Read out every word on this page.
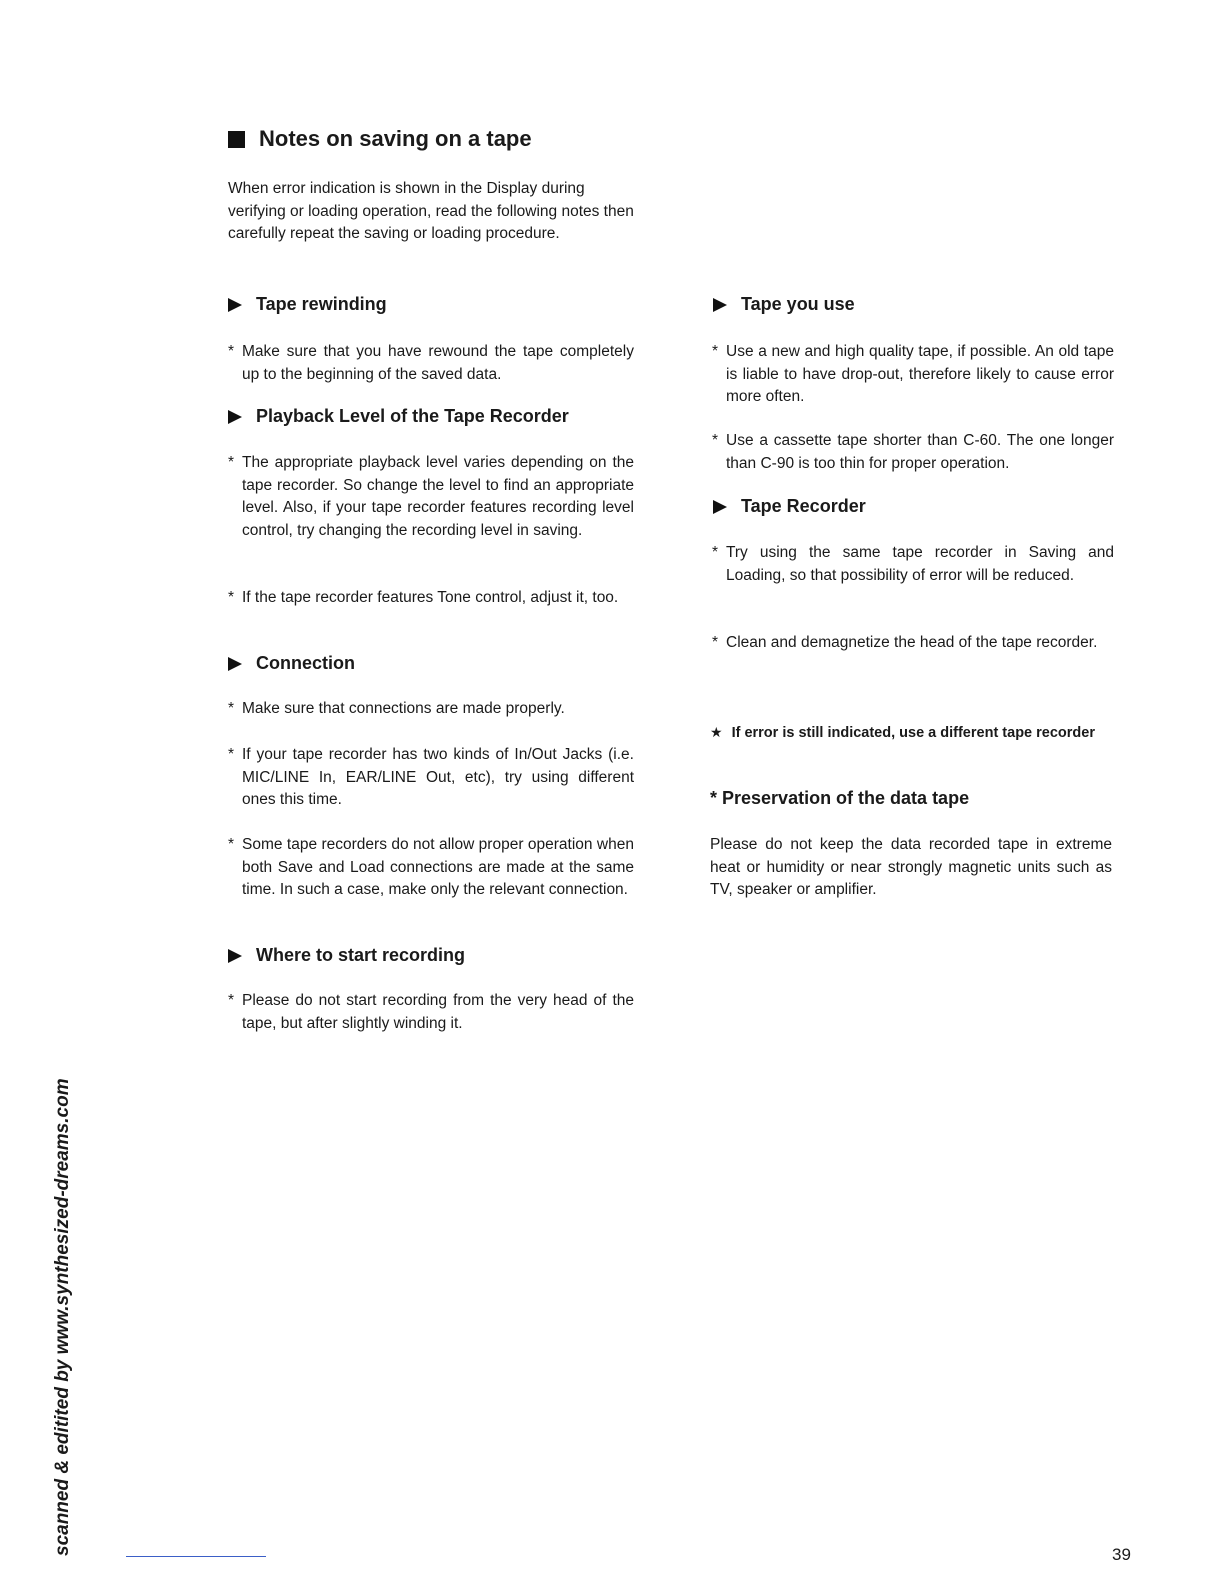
Notes on saving on a tape
When error indication is shown in the Display during verifying or loading operation, read the following notes then carefully repeat the saving or loading procedure.
Tape rewinding
* Make sure that you have rewound the tape completely up to the beginning of the saved data.
Playback Level of the Tape Recorder
* The appropriate playback level varies depending on the tape recorder. So change the level to find an appropriate level. Also, if your tape recorder features recording level control, try changing the recording level in saving.
* If the tape recorder features Tone control, adjust it, too.
Connection
* Make sure that connections are made properly.
* If your tape recorder has two kinds of In/Out Jacks (i.e. MIC/LINE In, EAR/LINE Out, etc), try using different ones this time.
* Some tape recorders do not allow proper operation when both Save and Load connections are made at the same time. In such a case, make only the relevant connection.
Where to start recording
* Please do not start recording from the very head of the tape, but after slightly winding it.
Tape you use
* Use a new and high quality tape, if possible. An old tape is liable to have drop-out, therefore likely to cause error more often.
* Use a cassette tape shorter than C-60. The one longer than C-90 is too thin for proper operation.
Tape Recorder
* Try using the same tape recorder in Saving and Loading, so that possibility of error will be reduced.
* Clean and demagnetize the head of the tape recorder.
★ If error is still indicated, use a different tape recorder
* Preservation of the data tape
Please do not keep the data recorded tape in extreme heat or humidity or near strongly magnetic units such as TV, speaker or amplifier.
scanned & editited by www.synthesized-dreams.com	39
